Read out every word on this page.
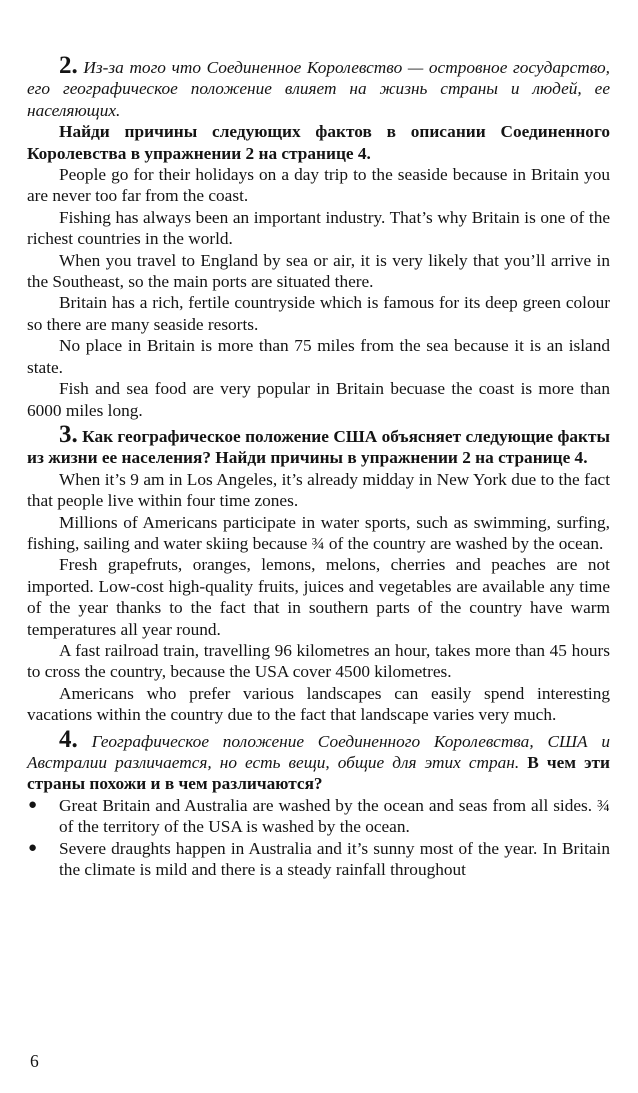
2. Из-за того что Соединенное Королевство — островное государство, его географическое положение влияет на жизнь страны и людей, ее населяющих.

Найди причины следующих фактов в описании Соединенного Королевства в упражнении 2 на странице 4.

People go for their holidays on a day trip to the seaside because in Britain you are never too far from the coast.

Fishing has always been an important industry. That’s why Britain is one of the richest countries in the world.

When you travel to England by sea or air, it is very likely that you’ll arrive in the Southeast, so the main ports are situated there.

Britain has a rich, fertile countryside which is famous for its deep green colour so there are many seaside resorts.

No place in Britain is more than 75 miles from the sea because it is an island state.

Fish and sea food are very popular in Britain becuase the coast is more than 6000 miles long.

3. Как географическое положение США объясняет следующие факты из жизни ее населения? Найди причины в упражнении 2 на странице 4.

When it’s 9 am in Los Angeles, it’s already midday in New York due to the fact that people live within four time zones.

Millions of Americans participate in water sports, such as swimming, surfing, fishing, sailing and water skiing because ¾ of the country are washed by the ocean.

Fresh grapefruts, oranges, lemons, melons, cherries and peaches are not imported. Low-cost high-quality fruits, juices and vegetables are available any time of the year thanks to the fact that in southern parts of the country have warm temperatures all year round.

A fast railroad train, travelling 96 kilometres an hour, takes more than 45 hours to cross the country, because the USA cover 4500 kilometres.

Americans who prefer various landscapes can easily spend interesting vacations within the country due to the fact that landscape varies very much.

4. Географическое положение Соединенного Королевства, США и Австралии различается, но есть вещи, общие для этих стран. В чем эти страны похожи и в чем различаются?

● Great Britain and Australia are washed by the ocean and seas from all sides. ¾ of the territory of the USA is washed by the ocean.
● Severe draughts happen in Australia and it’s sunny most of the year. In Britain the climate is mild and there is a steady rainfall throughout
6
